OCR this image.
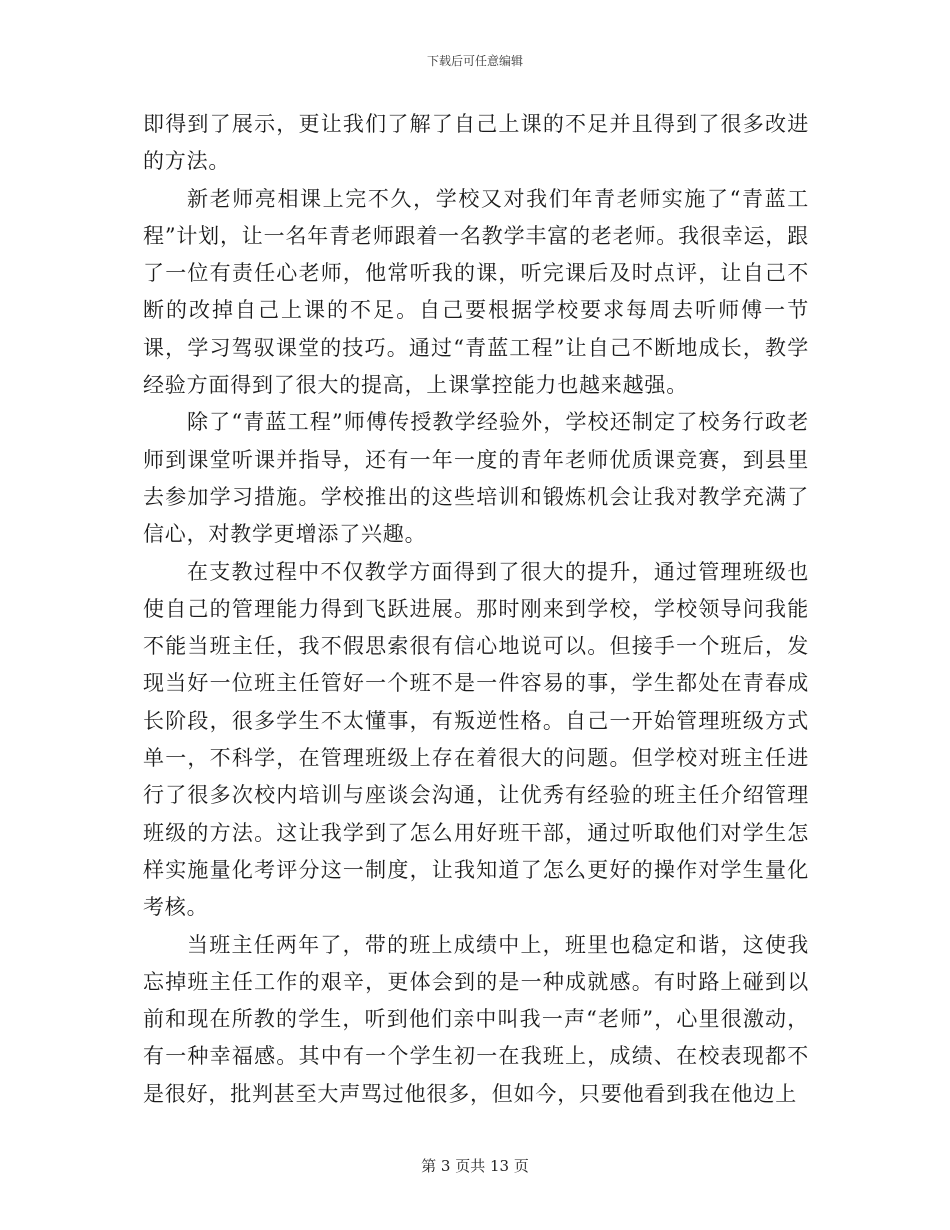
下载后可任意编辑

即得到了展示，更让我们了解了自己上课的不足并且得到了很多改进的方法。

新老师亮相课上完不久，学校又对我们年青老师实施了“青蓝工程”计划，让一名年青老师跟着一名教学丰富的老老师。我很幸运，跟了一位有责任心老师，他常听我的课，听完课后及时点评，让自己不断的改掉自己上课的不足。自己要根据学校要求每周去听师傅一节课，学习驾驭课堂的技巧。通过“青蓝工程”让自己不断地成长，教学经验方面得到了很大的提高，上课掌控能力也越来越强。

除了“青蓝工程”师傅传授教学经验外，学校还制定了校务行政老师到课堂听课并指导，还有一年一度的青年老师优质课竞赛，到县里去参加学习措施。学校推出的这些培训和锻炼机会让我对教学充满了信心，对教学更增添了兴趣。

在支教过程中不仅教学方面得到了很大的提升，通过管理班级也使自己的管理能力得到飞跃进展。那时刚来到学校，学校领导问我能不能当班主任，我不假思索很有信心地说可以。但接手一个班后，发现当好一位班主任管好一个班不是一件容易的事，学生都处在青春成长阶段，很多学生不太懂事，有叛逆性格。自己一开始管理班级方式单一，不科学，在管理班级上存在着很大的问题。但学校对班主任进行了很多次校内培训与座谈会沟通，让优秀有经验的班主任介绍管理班级的方法。这让我学到了怎么用好班干部，通过听取他们对学生怎样实施量化考评分这一制度，让我知道了怎么更好的操作对学生量化考核。

当班主任两年了，带的班上成绩中上，班里也稳定和谐，这使我忘掉班主任工作的艰辛，更体会到的是一种成就感。有时路上碰到以前和现在所教的学生，听到他们亲中叫我一声“老师”，心里很激动，有一种幸福感。其中有一个学生初一在我班上，成绩、在校表现都不是很好，批判甚至大声骂过他很多，但如今，只要他看到我在他边上

第 3 页共 13 页
